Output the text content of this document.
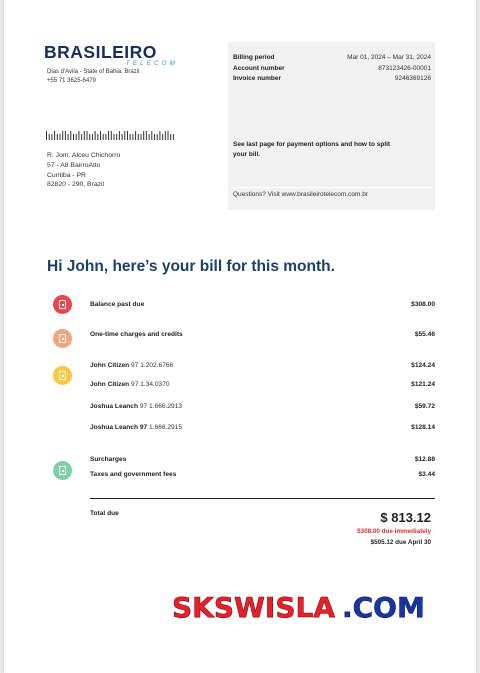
BRASILEIRO
TELECOM
Dias d'Avila - State of Bahia, Brazil
+55 71 3625-6479
R. Jom. Alceu Chichorro
57 - A8 BairroAlto
Curitiba - PR
82820 - 290, Brazil
Billing period	Mar 01, 2024 – Mar 31, 2024
Account number	873123426-00001
Invoice number	9246369126
See last page for payment options and how to split your bill.
Questions? Visit www.brasileirotelecom.com.br
Hi John, here’s your bill for this month.
Balance past due	$308.00
One-time charges and credits	$55.46
John Citizen 97 1.202.6766	$124.24
John Citizen 97 1.34.0370	$121.24
Joshua Leanch 97 1.666.2913	$59.72
Joshua Leanch 97 1.666.2915	$128.14
Surcharges	$12.88
Taxes and government fees	$3.44
Total due	$ 813.12
$308.00 due immediately
$505.12 due April 30
SKSWISLA .COM
